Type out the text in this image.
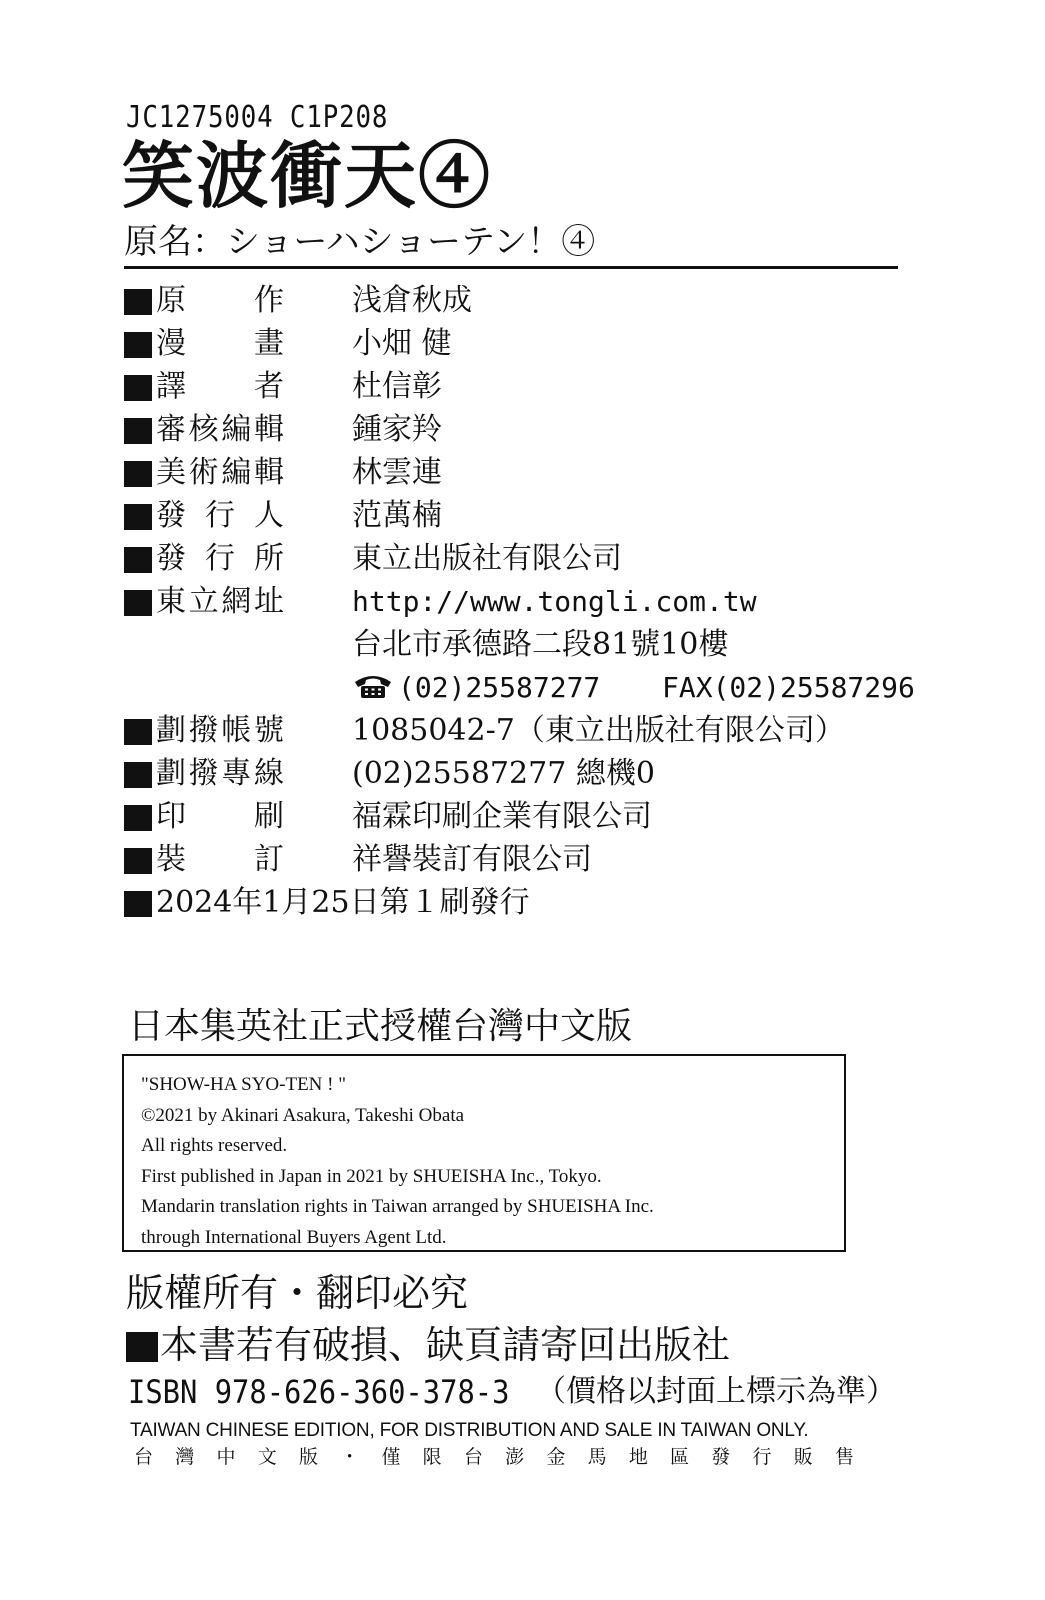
JC1275004 C1P208
笑波衝天④
原名：ショーハショーテン！④
原　　作 浅倉秋成
漫　　畫 小畑 健
譯　　者 杜信彰
審核編輯 鍾家羚
美術編輯 林雲連
發 行 人 范萬楠
發 行 所 東立出版社有限公司
東立網址 http://www.tongli.com.tw
台北市承德路二段81號10樓
(02)25587277 FAX(02)25587296
劃撥帳號 1085042-7（東立出版社有限公司）
劃撥專線 (02)25587277 總機0
印　　刷 福霖印刷企業有限公司
裝　　訂 祥譽裝訂有限公司
2024年1月25日第１刷發行
日本集英社正式授權台灣中文版
"SHOW-HA SYO-TEN ! "
©2021 by Akinari Asakura, Takeshi Obata
All rights reserved.
First published in Japan in 2021 by SHUEISHA Inc., Tokyo.
Mandarin translation rights in Taiwan arranged by SHUEISHA Inc.
through International Buyers Agent Ltd.
版權所有・翻印必究
本書若有破損、缺頁請寄回出版社
ISBN 978-626-360-378-3 （價格以封面上標示為準）
TAIWAN CHINESE EDITION, FOR DISTRIBUTION AND SALE IN TAIWAN ONLY.
台灣中文版・僅限台澎金馬地區發行販售
